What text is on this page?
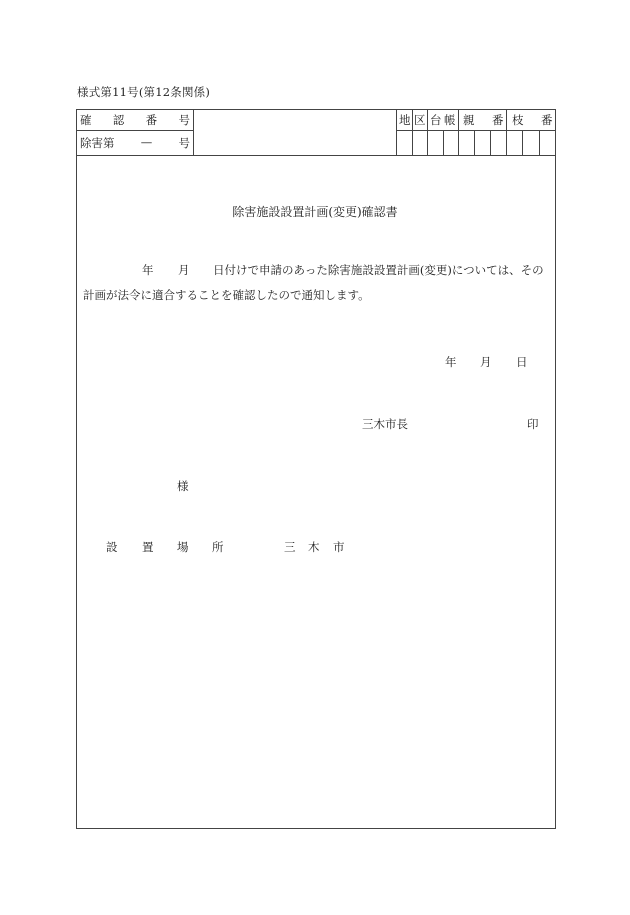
様式第11号(第12条関係)
確 認 番 号
除害第 — 号
地 区 台 帳 親 番 枝 番
除害施設設置計画(変更)確認書
年 月 日付けで申請のあった除害施設設置計画(変更)については、その
計画が法令に適合することを確認したので通知します。
年 月 日
三木市長	印
様
設 置 場 所	三 木 市
